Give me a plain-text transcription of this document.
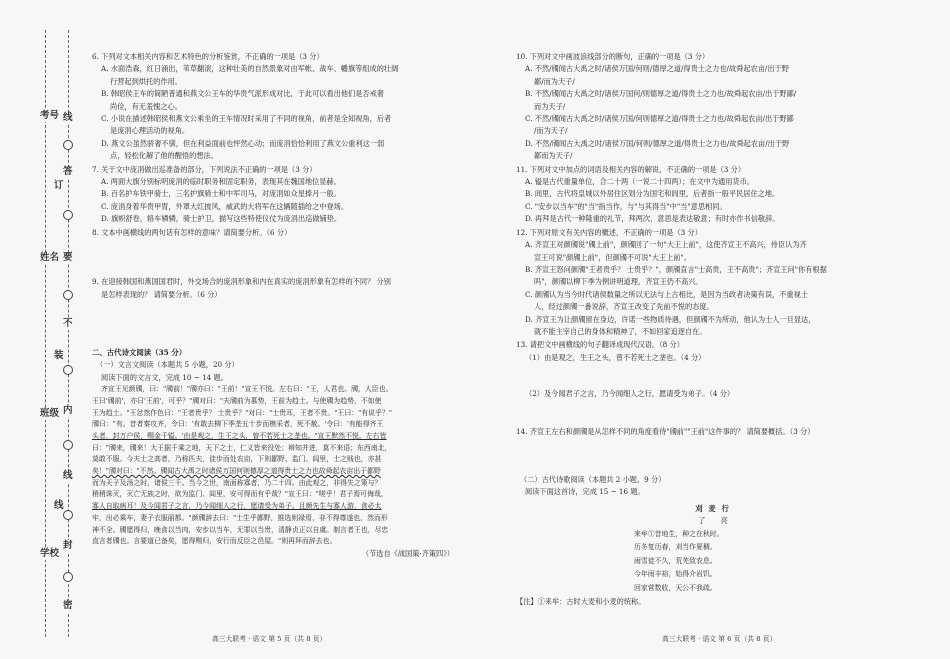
学校
班级
姓名
考号 线
答
要
不
内
线
封
密
订
装
线
6. 下列对文本相关内容和艺术特色的分析鉴赏，不正确的一项是（3 分）
A. 水面浩森，红日涌出，苇草翻滚，这种壮美的自然景象对由军帐、战车、幡旗等组成的壮阔
行营起到烘托的作用。
B. 韩昭侯王车的简陋普通和燕文公王车的华贵气派形成对比，于此可以看出他们是否戒奢
尚俭，有无羞愧之心。
C. 小说在描述韩昭侯和燕文公乘坐的王车情况时采用了不同的视角，前者是全知视角，后者
是庞涓心理活动的视角。
D. 燕文公虽然骄奢不驯，但在利益面前也怦然心动；而庞涓恰恰利用了燕文公重利这一弱
点，轻松化解了他的醒悟的想法。
7. 关于文中庞涓做出巡准备的部分，下列说法不正确的一项是（3 分）
A. 两面大旗分别标明庞涓的临时职务和固定职务，表现其在魏国地位显赫。
B. 百名护车铁甲骑士，三名护旗骑士和中军司马，对庞涓如众星捧月一般。
C. 庞涓身着华贵甲胄，外罩大红披风，威武的大将军在这辆随插给之中登场。
D. 旗帜舒卷，辂车辚辚，骑士护卫，描写这些特使仪仗为庞涓出巡做铺垫。
8. 文本中画横线的两句话有怎样的意味？请简要分析。（6 分）
9. 在迎接韩国和燕国国君时，外交场合的庞涓形象和内在真实的庞涓形象有怎样的不同？ 分别
是怎样表现的？ 请简要分析。（6 分）
二、古代诗文阅读（35 分）
（一）文言文阅读（本题共 5 小题，20 分）
阅读下面的文言文，完成 10 ~ 14 题。
齐宣王见颜斶，曰："斶前！"斶亦曰："王前！"宣王不悦。左右曰："王，人君也。斶，人臣也。
王曰'斶前'，亦曰'王前'，可乎？"斶对曰："夫斶前为慕势，王前为趋士。与使斶为趋势，不如使
王为趋士。"王忿然作色曰："王者贵乎？ 士贵乎？"对曰："士贵耳，王者不贵。"王曰："有说乎？"
斶曰："有。昔者秦攻齐，令曰：'有敢去柳下季垄五十步而樵采者，死不赦。'令曰：'有能得齐王
头者，封万户侯，赐金千镒。'由是观之，生王之头，曾不若死士之垄也。"宣王默然不悦。左右皆
曰："斶来，斶来！大王据千乘之地，天下之士，仁义皆来役处；辩知并进，莫不来语；东西南北，
莫敢不服。今夫士之高者，乃称匹夫，徒步而处农亩，下则鄙野、监门、闾里，士之贱也，亦甚
矣！"斶对曰："不然。斶闻古大禹之时诸侯万国何则德厚之道得贵士之力也故舜起农亩出于鄙野
而为天子及汤之时，诸侯三千。当今之世，南面称寡者，乃二十四。由此观之，非得失之策与？
稍稍诛灭，灭亡无族之时，欲为监门、闾里，安可得而有乎哉？"宣王曰："嗟乎！君子焉可侮哉，
寡人自取病耳！及今闻君子之言，乃今闻细人之行，愿请受为弟子。且颜先生与寡人游，食必太
牢，出必乘车，妻子衣服丽都。"颜斶辞去曰："士生乎鄙野，推选则禄焉，非不得尊遂也，然而形
神不全。斶愿得归，晚食以当肉，安步以当车，无罪以当贵，清静贞正以自虞。制言者王也，尽忠
直言者斶也。言要道已备矣，愿得赐归，安行而反臣之邑屋。"则再拜而辞去也。
（节选自《战国策·齐策四》）
10. 下列对文中画波浪线部分的断句，正确的一项是（3 分）
A. 不然/斶闻古大禹之时/诸侯万国/何则/德厚之道/得贵士之力也/故舜起农亩/出于野
鄙/而为天子/
B. 不然/斶闻古大禹之时/诸侯万国何/则德厚之道/得贵士之力也/故舜起农亩/出于野鄙/
而为天子/
C. 不然/斶闻古大禹之时/诸侯万国/何则德厚之道/得贵士之力也/故舜起农亩/出于野鄙
/而为天子/
D. 不然/斶闻古大禹之时/诸侯万国/何则/德厚之道/得贵士之力也/故舜起农亩/出于野
鄙而为天子/
11. 下列对文中加点的词语及相关内容的解说，不正确的一项是（3 分）
A. 镒是古代重量单位，合二十两（一说二十四两）；在文中为通用货币。
B. 闾里，古代将皇城以外居住区划分为国宅和闾里，后者指一般平民居住之地。
C. "安步以当车"的"当"指当作，与"与其得当"中"当"意思相同。
D. 再拜是古代一种隆重的礼节，拜两次，意思是表达敬意；有时亦作书信敬辞。
12. 下列对原文有关内容的概述，不正确的一项是（3 分）
A. 齐宣王对颜斶说"斶上前"，颜斶回了一句"大王上前"，这使齐宣王不高兴，侍臣认为齐
宣王可说"颜斶上前"，但颜斶不可说"大王上前"。
B. 齐宣王怒问颜斶"王者贵乎？ 士贵乎？"，颜斶直言"士高贵，王不高贵"；齐宣王问"你有根据
吗"，颜斶以柳下季为例讲明道理，齐宣王仍不高兴。
C. 颜斶认为当今时代诸侯数量之所以无法与上古相比，是因为当政者决策有误，不重视士
人，经过颜斶一番说辞，齐宣王改变了先前不悦的态度。
D. 齐宣王为让颜斶留在身边，许诺一些物质待遇，但颜斶不为所动，他认为士人一旦显达，
就不能主宰自己的身体和精神了，不如回家追逐自在。
13. 请把文中画横线的句子翻译成现代汉语。（8 分）
（1）由是观之，生王之头，曾不若死士之垄也。（4 分）
（2）及今闻君子之言，乃今闻细人之行，愿请受为弟子。（4 分）
14. 齐宣王左右和颜斶是从怎样不同的角度看待"斶前""王前"这件事的？ 请简要概括。（3 分）
（二）古代诗歌阅读（本题共 2 小题，9 分）
阅读下面这首诗，完成 15 ~ 16 题。
刈麦行
了　亮
来牟①昔地生，种之在秋时。
历冬复历春，刈当作夏稠。
雨雪徒不久，荒芜致农息。
今年雨丰裕，始得介岩饥。
回家营数收，天公不我疏。
【注】①来牟：古时大麦和小麦的统称。
高三大联考 · 语文 第 5 页（共 8 页）	高三大联考 · 语文 第 6 页（共 8 页）
